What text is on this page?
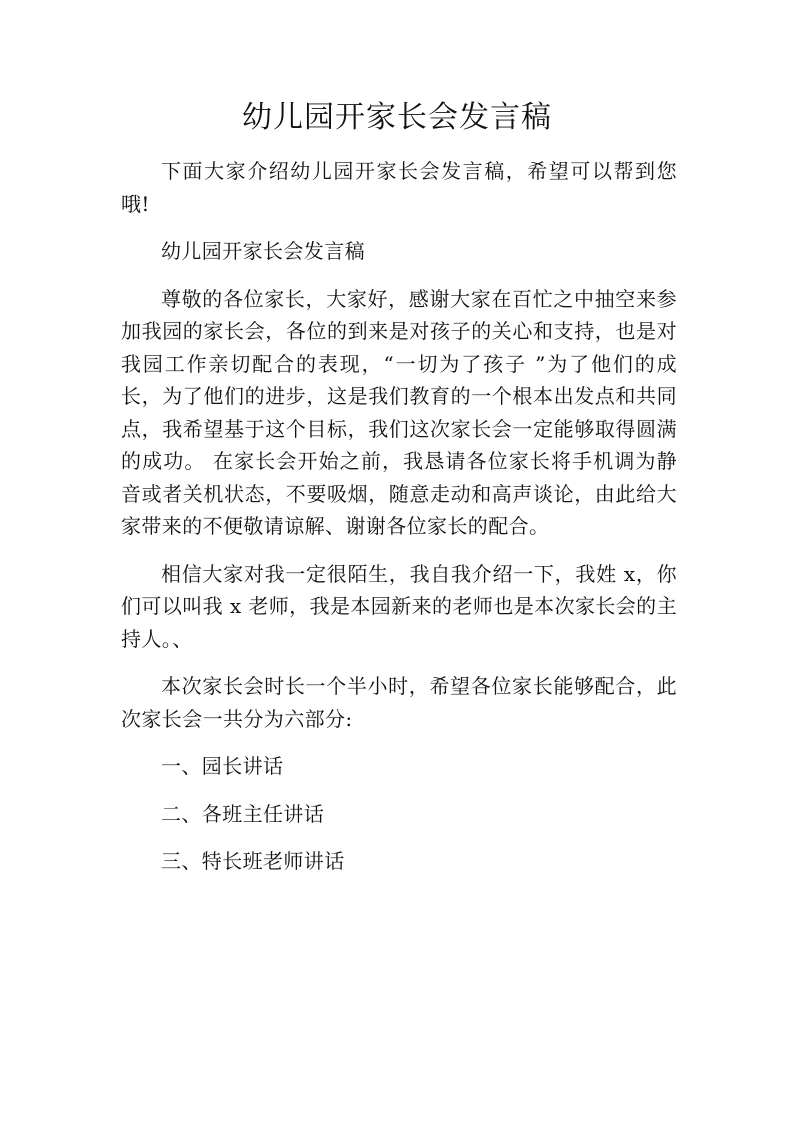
幼儿园开家长会发言稿

下面大家介绍幼儿园开家长会发言稿，希望可以帮到您哦!

幼儿园开家长会发言稿

尊敬的各位家长，大家好，感谢大家在百忙之中抽空来参加我园的家长会，各位的到来是对孩子的关心和支持，也是对我园工作亲切配合的表现，“一切为了孩子 ”为了他们的成长，为了他们的进步，这是我们教育的一个根本出发点和共同点，我希望基于这个目标，我们这次家长会一定能够取得圆满的成功。 在家长会开始之前，我恳请各位家长将手机调为静音或者关机状态，不要吸烟，随意走动和高声谈论，由此给大家带来的不便敬请谅解、谢谢各位家长的配合。

相信大家对我一定很陌生，我自我介绍一下，我姓 x，你们可以叫我 x 老师，我是本园新来的老师也是本次家长会的主持人。、

本次家长会时长一个半小时，希望各位家长能够配合，此次家长会一共分为六部分:

一、园长讲话

二、各班主任讲话

三、特长班老师讲话
